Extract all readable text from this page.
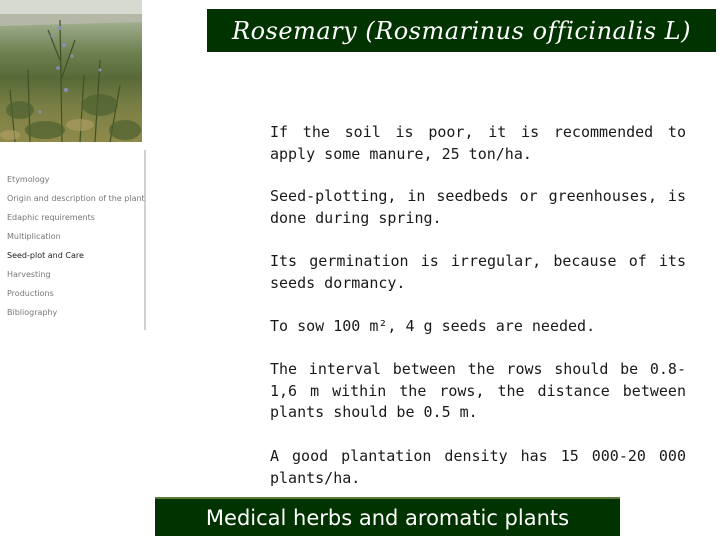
Rosemary (Rosmarinus officinalis L)
Etymology
Origin and description of the plant
Edaphic requirements
Multiplication
Seed-plot and Care
Harvesting
Productions
Bibliography

If the soil is poor, it is recommended to apply some manure, 25 ton/ha.

Seed-plotting, in seedbeds or greenhouses, is done during spring.

Its germination is irregular, because of its seeds dormancy.

To sow 100 m², 4 g seeds are needed.

The interval between the rows should be 0.8-1,6 m within the rows, the distance between plants should be 0.5 m.

A good plantation density has 15 000-20 000 plants/ha.

Medical herbs and aromatic plants
